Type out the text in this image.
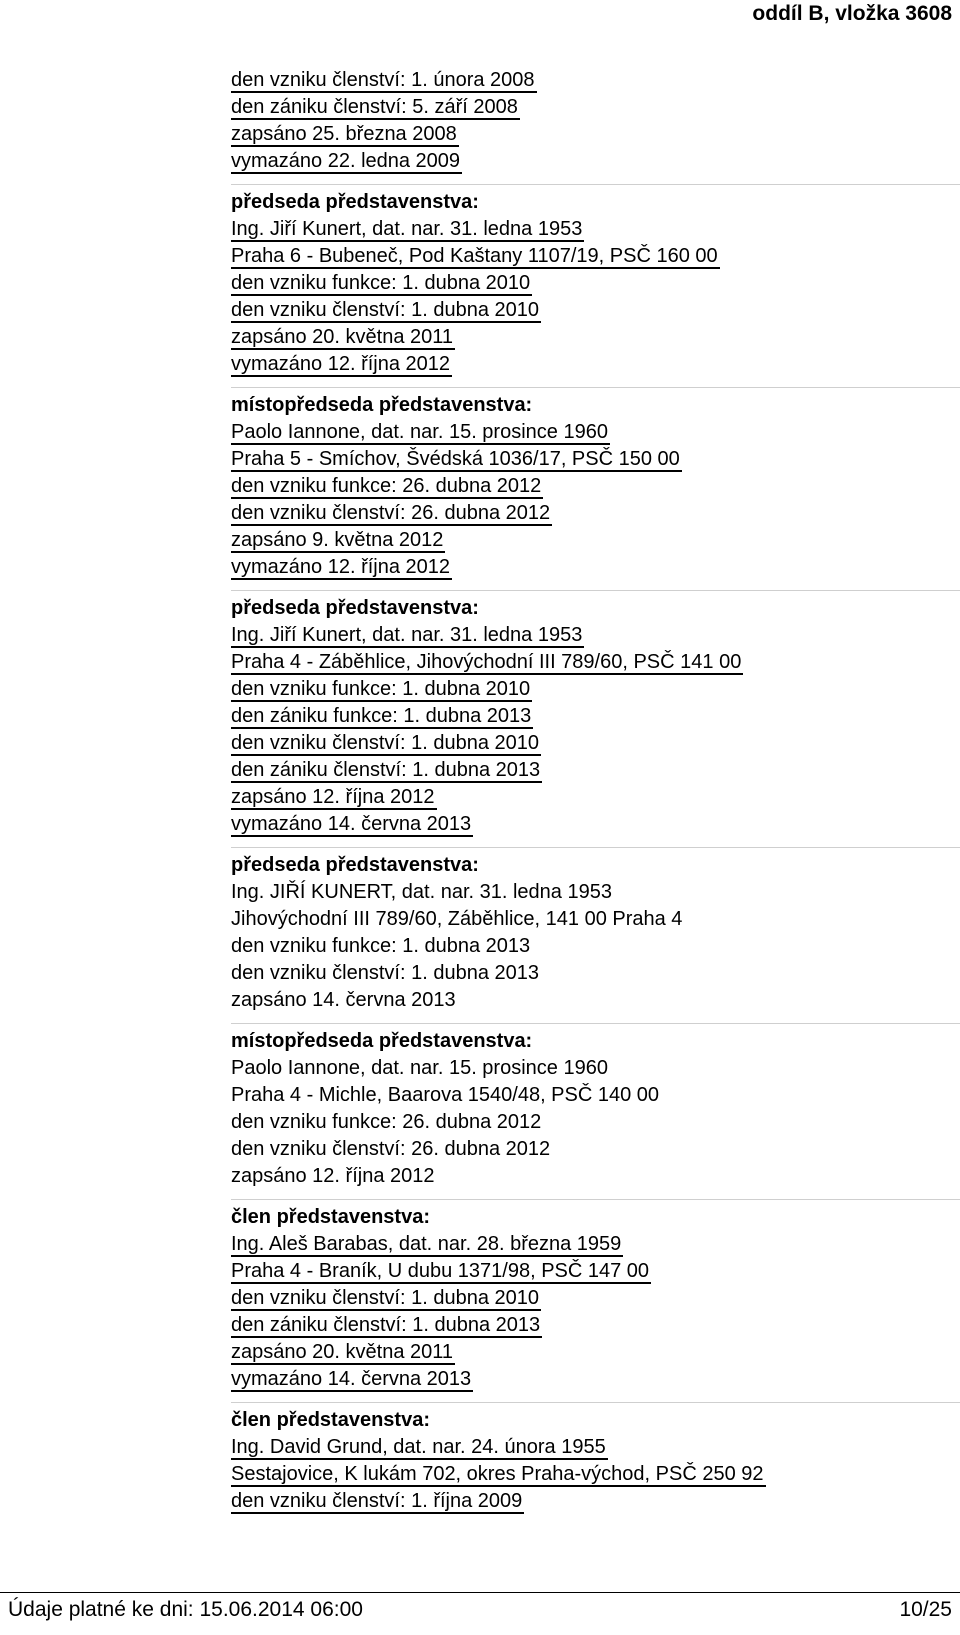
oddíl B, vložka 3608
den vzniku členství: 1. února 2008
den zániku členství: 5. září 2008
zapsáno 25. března 2008
vymazáno 22. ledna 2009
předseda představenstva:
Ing. Jiří Kunert, dat. nar. 31. ledna 1953
Praha 6 - Bubeneč, Pod Kaštany 1107/19, PSČ 160 00
den vzniku funkce: 1. dubna 2010
den vzniku členství: 1. dubna 2010
zapsáno 20. května 2011
vymazáno 12. října 2012
místopředseda představenstva:
Paolo Iannone, dat. nar. 15. prosince 1960
Praha 5 - Smíchov, Švédská 1036/17, PSČ 150 00
den vzniku funkce: 26. dubna 2012
den vzniku členství: 26. dubna 2012
zapsáno 9. května 2012
vymazáno 12. října 2012
předseda představenstva:
Ing. Jiří Kunert, dat. nar. 31. ledna 1953
Praha 4 - Záběhlice, Jihovýchodní III 789/60, PSČ 141 00
den vzniku funkce: 1. dubna 2010
den zániku funkce: 1. dubna 2013
den vzniku členství: 1. dubna 2010
den zániku členství: 1. dubna 2013
zapsáno 12. října 2012
vymazáno 14. června 2013
předseda představenstva:
Ing. JIŘÍ KUNERT, dat. nar. 31. ledna 1953
Jihovýchodní III 789/60, Záběhlice, 141 00 Praha 4
den vzniku funkce: 1. dubna 2013
den vzniku členství: 1. dubna 2013
zapsáno 14. června 2013
místopředseda představenstva:
Paolo Iannone, dat. nar. 15. prosince 1960
Praha 4 - Michle, Baarova 1540/48, PSČ 140 00
den vzniku funkce: 26. dubna 2012
den vzniku členství: 26. dubna 2012
zapsáno 12. října 2012
člen představenstva:
Ing. Aleš Barabas, dat. nar. 28. března 1959
Praha 4 - Braník, U dubu 1371/98, PSČ 147 00
den vzniku členství: 1. dubna 2010
den zániku členství: 1. dubna 2013
zapsáno 20. května 2011
vymazáno 14. června 2013
člen představenstva:
Ing. David Grund, dat. nar. 24. února 1955
Sestajovice, K lukám 702, okres Praha-východ, PSČ 250 92
den vzniku členství: 1. října 2009
Údaje platné ke dni: 15.06.2014 06:00	10/25
